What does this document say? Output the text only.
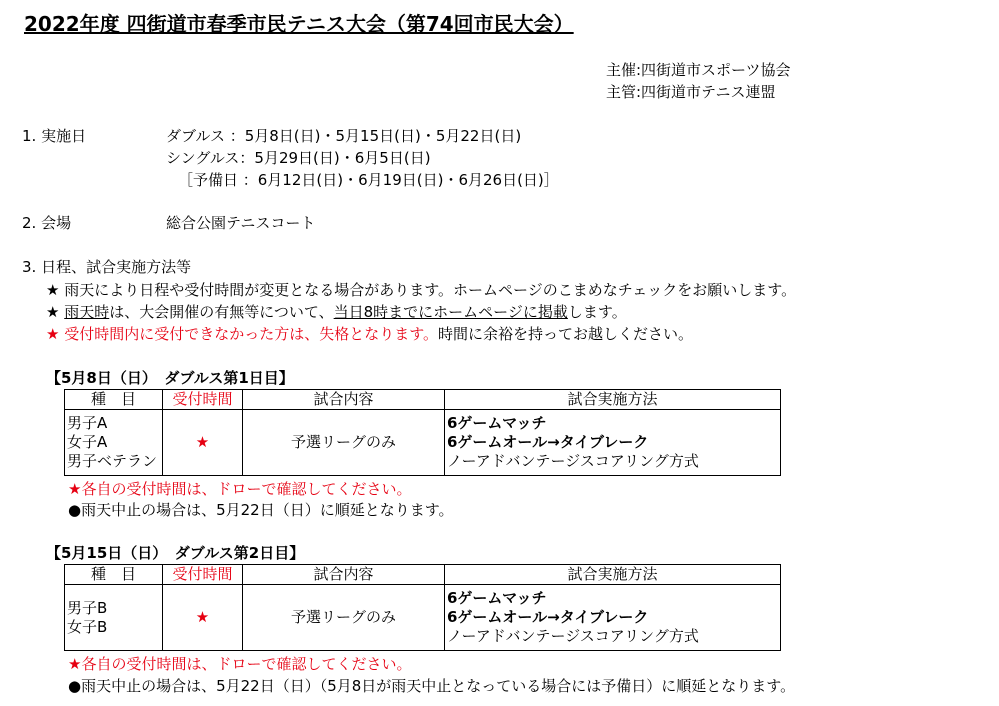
2022年度 四街道市春季市民テニス大会（第74回市民大会）
主催:四街道市スポーツ協会
主管:四街道市テニス連盟
1. 実施日	ダブルス ：5月8日(日)・5月15日(日)・5月22日(日)
シングルス：5月29日(日)・6月5日(日)
［予備日 ：6月12日(日)・6月19日(日)・6月26日(日)］
2. 会場	総合公園テニスコート
3. 日程、試合実施方法等
★ 雨天により日程や受付時間が変更となる場合があります。ホームページのこまめなチェックをお願いします。
★ 雨天時は、大会開催の有無等について、当日8時までにホームページに掲載します。
★ 受付時間内に受付できなかった方は、失格となります。時間に余裕を持ってお越しください。
【5月8日（日）　ダブルス第1日目】
種　目	受付時間	試合内容	試合実施方法

男子A
女子A
男子ベテラン	★	予選リーグのみ	6ゲームマッチ
6ゲームオール→タイブレーク
ノーアドバンテージスコアリング方式
★各自の受付時間は、ドローで確認してください。
●雨天中止の場合は、5月22日（日）に順延となります。
【5月15日（日）　ダブルス第2日目】
種　目	受付時間	試合内容	試合実施方法

男子B
女子B	★	予選リーグのみ	6ゲームマッチ
6ゲームオール→タイブレーク
ノーアドバンテージスコアリング方式
★各自の受付時間は、ドローで確認してください。
●雨天中止の場合は、5月22日（日）（5月8日が雨天中止となっている場合には予備日）に順延となります。
